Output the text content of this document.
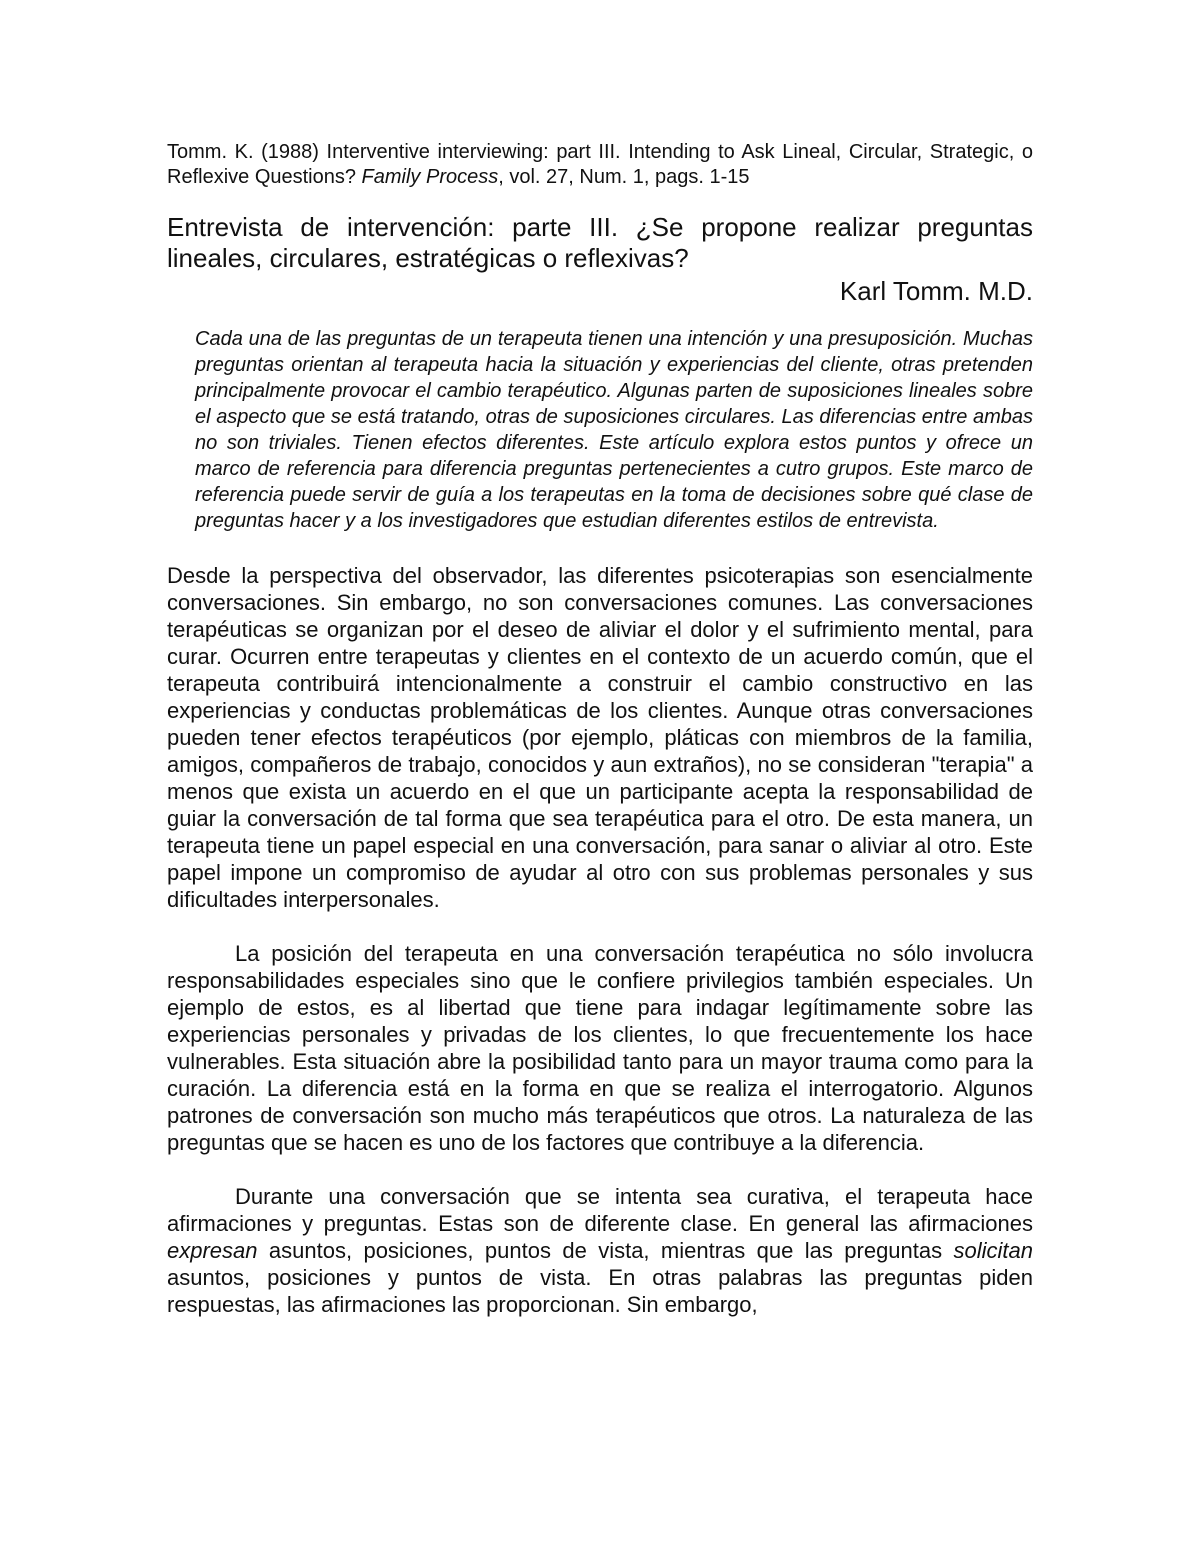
Tomm. K. (1988) Interventive interviewing: part III. Intending to Ask Lineal, Circular, Strategic, o Reflexive Questions? Family Process, vol. 27, Num. 1, pags. 1-15

Entrevista de intervención: parte III. ¿Se propone realizar preguntas lineales, circulares, estratégicas o reflexivas?

Karl Tomm. M.D.

Cada una de las preguntas de un terapeuta tienen una intención y una presuposición. Muchas preguntas orientan al terapeuta hacia la situación y experiencias del cliente, otras pretenden principalmente provocar el cambio terapéutico. Algunas parten de suposiciones lineales sobre el aspecto que se está tratando, otras de suposiciones circulares. Las diferencias entre ambas no son triviales. Tienen efectos diferentes. Este artículo explora estos puntos y ofrece un marco de referencia para diferencia preguntas pertenecientes a cutro grupos. Este marco de referencia puede servir de guía a los terapeutas en la toma de decisiones sobre qué clase de preguntas hacer y a los investigadores que estudian diferentes estilos de entrevista.

Desde la perspectiva del observador, las diferentes psicoterapias son esencialmente conversaciones. Sin embargo, no son conversaciones comunes. Las conversaciones terapéuticas se organizan por el deseo de aliviar el dolor y el sufrimiento mental, para curar. Ocurren entre terapeutas y clientes en el contexto de un acuerdo común, que el terapeuta contribuirá intencionalmente a construir el cambio constructivo en las experiencias y conductas problemáticas de los clientes. Aunque otras conversaciones pueden tener efectos terapéuticos (por ejemplo, pláticas con miembros de la familia, amigos, compañeros de trabajo, conocidos y aun extraños), no se consideran "terapia" a menos que exista un acuerdo en el que un participante acepta la responsabilidad de guiar la conversación de tal forma que sea terapéutica para el otro. De esta manera, un terapeuta tiene un papel especial en una conversación, para sanar o aliviar al otro. Este papel impone un compromiso de ayudar al otro con sus problemas personales y sus dificultades interpersonales.

La posición del terapeuta en una conversación terapéutica no sólo involucra responsabilidades especiales sino que le confiere privilegios también especiales. Un ejemplo de estos, es al libertad que tiene para indagar legítimamente sobre las experiencias personales y privadas de los clientes, lo que frecuentemente los hace vulnerables. Esta situación abre la posibilidad tanto para un mayor trauma como para la curación. La diferencia está en la forma en que se realiza el interrogatorio. Algunos patrones de conversación son mucho más terapéuticos que otros. La naturaleza de las preguntas que se hacen es uno de los factores que contribuye a la diferencia.

Durante una conversación que se intenta sea curativa, el terapeuta hace afirmaciones y preguntas. Estas son de diferente clase. En general las afirmaciones expresan asuntos, posiciones, puntos de vista, mientras que las preguntas solicitan asuntos, posiciones y puntos de vista. En otras palabras las preguntas piden respuestas, las afirmaciones las proporcionan. Sin embargo,
